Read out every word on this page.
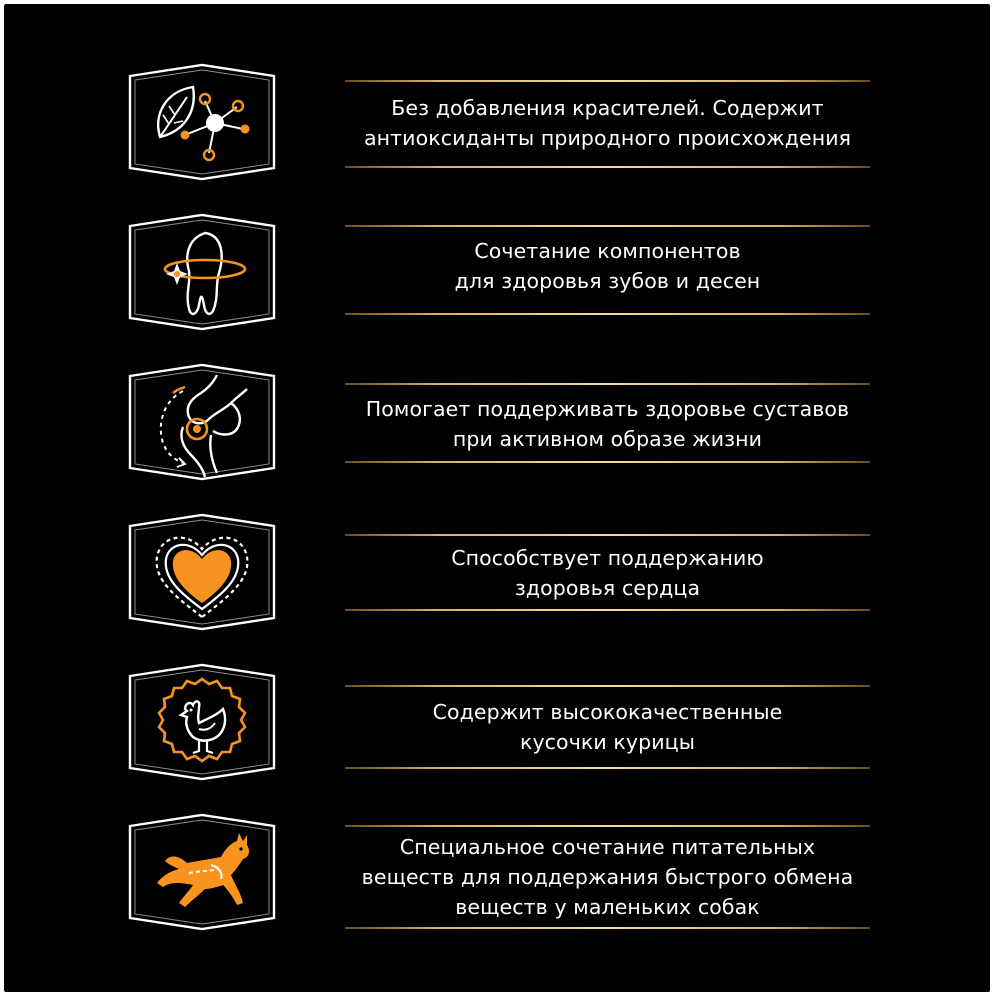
Без добавления красителей. Содержит
антиоксиданты природного происхождения
Сочетание компонентов
для здоровья зубов и десен
Помогает поддерживать здоровье суставов
при активном образе жизни
Способствует поддержанию
здоровья сердца
Содержит высококачественные
кусочки курицы
Специальное сочетание питательных
веществ для поддержания быстрого обмена
веществ у маленьких собак
